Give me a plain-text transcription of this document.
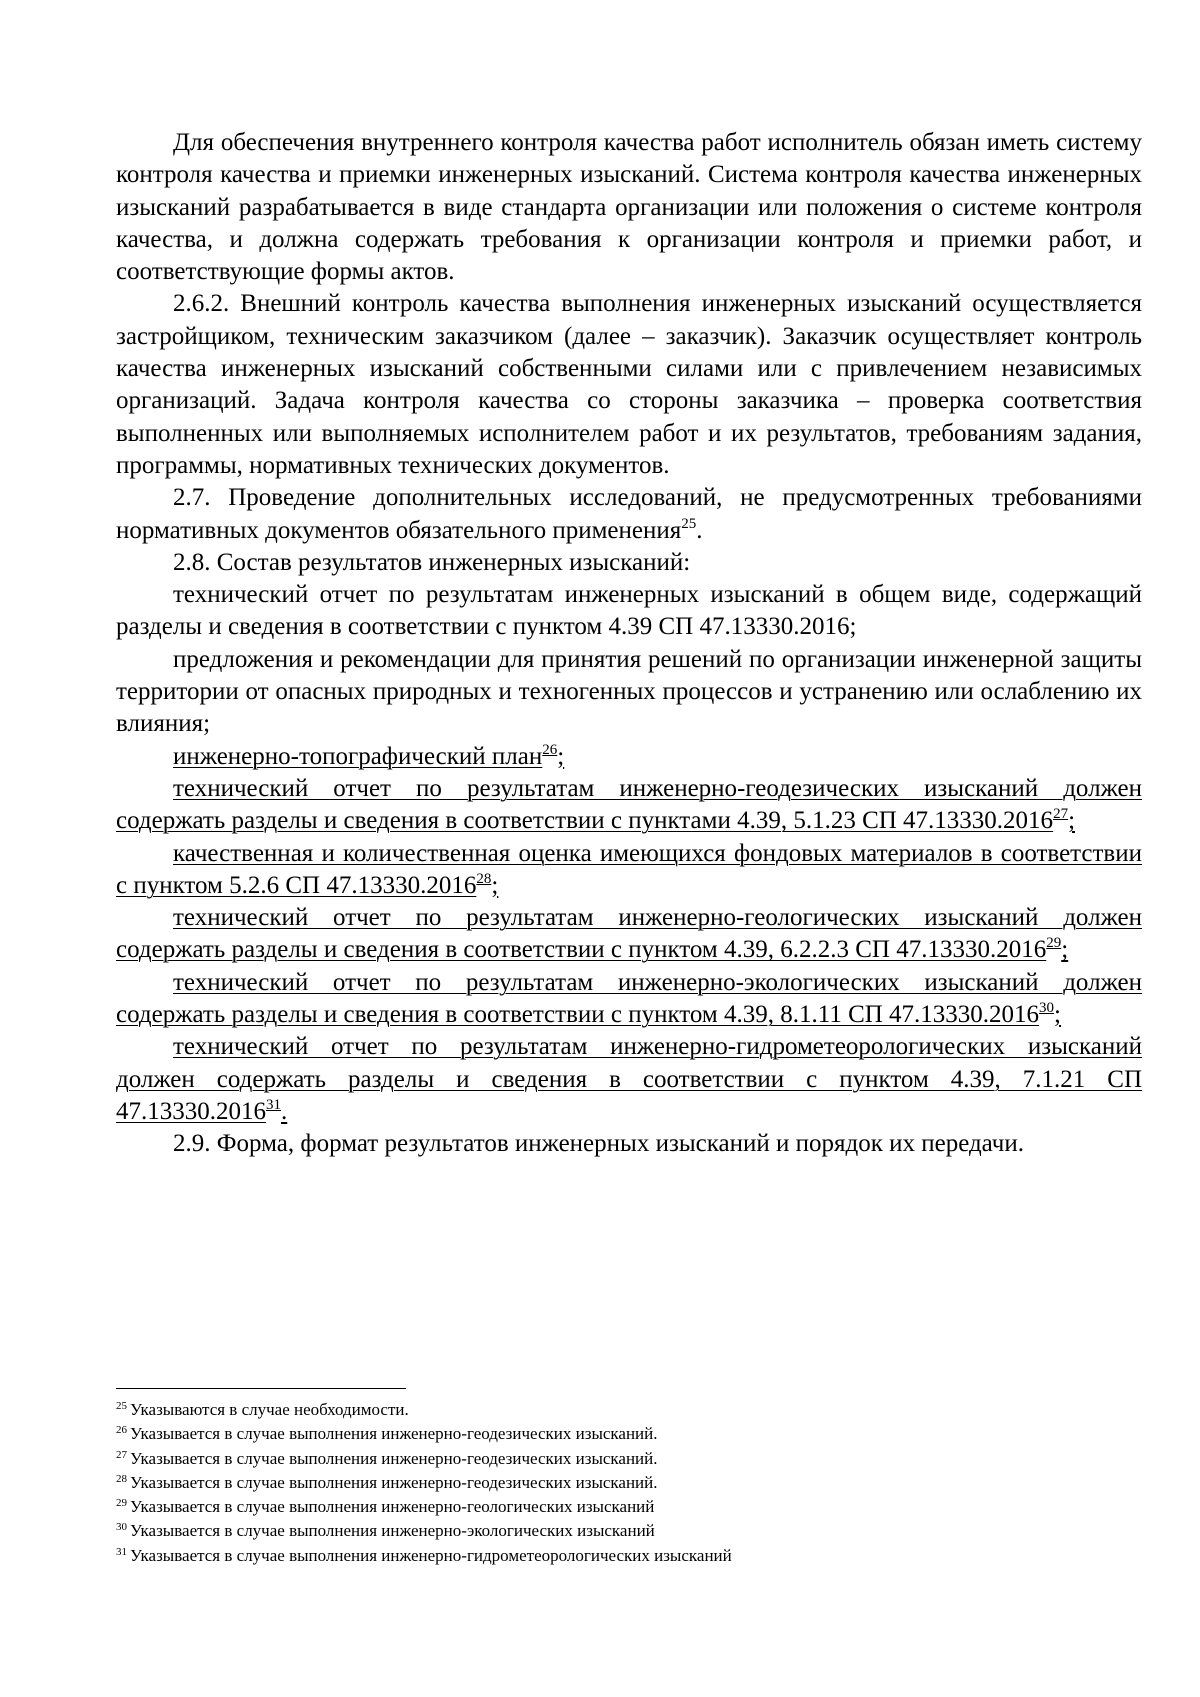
Для обеспечения внутреннего контроля качества работ исполнитель обязан иметь систему контроля качества и приемки инженерных изысканий. Система контроля качества инженерных изысканий разрабатывается в виде стандарта организации или положения о системе контроля качества, и должна содержать требования к организации контроля и приемки работ, и соответствующие формы актов.

2.6.2. Внешний контроль качества выполнения инженерных изысканий осуществляется застройщиком, техническим заказчиком (далее – заказчик). Заказчик осуществляет контроль качества инженерных изысканий собственными силами или с привлечением независимых организаций. Задача контроля качества со стороны заказчика – проверка соответствия выполненных или выполняемых исполнителем работ и их результатов, требованиям задания, программы, нормативных технических документов.

2.7. Проведение дополнительных исследований, не предусмотренных требованиями нормативных документов обязательного применения$^{25}$.

2.8. Состав результатов инженерных изысканий:

технический отчет по результатам инженерных изысканий в общем виде, содержащий разделы и сведения в соответствии с пунктом 4.39 СП 47.13330.2016;

предложения и рекомендации для принятия решений по организации инженерной защиты территории от опасных природных и техногенных процессов и устранению или ослаблению их влияния;

инженерно-топографический план$^{26}$;

технический отчет по результатам инженерно-геодезических изысканий должен содержать разделы и сведения в соответствии с пунктами 4.39, 5.1.23 СП 47.13330.2016$^{27}$;

качественная и количественная оценка имеющихся фондовых материалов в соответствии с пунктом 5.2.6 СП 47.13330.2016$^{28}$;

технический отчет по результатам инженерно-геологических изысканий должен содержать разделы и сведения в соответствии с пунктом 4.39, 6.2.2.3 СП 47.13330.2016$^{29}$;

технический отчет по результатам инженерно-экологических изысканий должен содержать разделы и сведения в соответствии с пунктом 4.39, 8.1.11 СП 47.13330.2016$^{30}$;

технический отчет по результатам инженерно-гидрометеорологических изысканий должен содержать разделы и сведения в соответствии с пунктом 4.39, 7.1.21 СП 47.13330.2016$^{31}$.

2.9. Форма, формат результатов инженерных изысканий и порядок их передачи.

$^{25}$ Указываются в случае необходимости.
$^{26}$ Указывается в случае выполнения инженерно-геодезических изысканий.
$^{27}$ Указывается в случае выполнения инженерно-геодезических изысканий.
$^{28}$ Указывается в случае выполнения инженерно-геодезических изысканий.
$^{29}$ Указывается в случае выполнения инженерно-геологических изысканий
$^{30}$ Указывается в случае выполнения инженерно-экологических изысканий
$^{31}$ Указывается в случае выполнения инженерно-гидрометеорологических изысканий
